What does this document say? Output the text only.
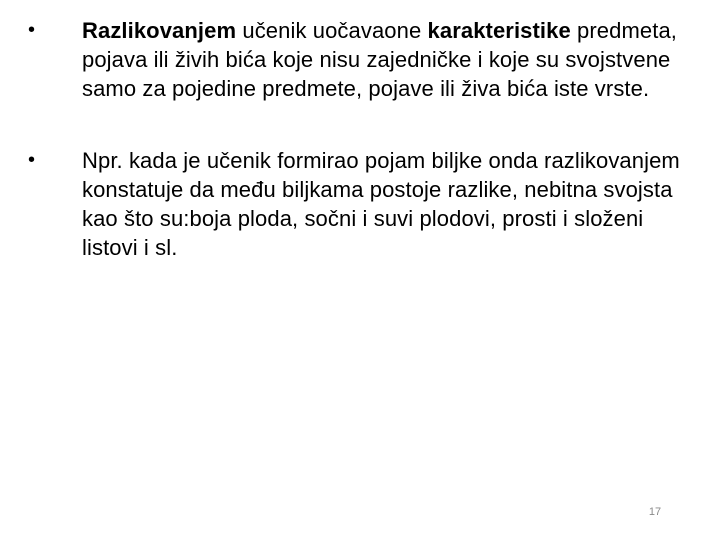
• Razlikovanjem učenik uočavaone karakteristike predmeta, pojava ili živih bića koje nisu zajedničke i koje su svojstvene samo za pojedine predmete, pojave ili živa bića iste vrste.
• Npr. kada je učenik formirao pojam biljke onda razlikovanjem konstatuje da među biljkama postoje razlike, nebitna svojsta kao što su:boja ploda, sočni i suvi plodovi, prosti i složeni listovi i sl.
17
